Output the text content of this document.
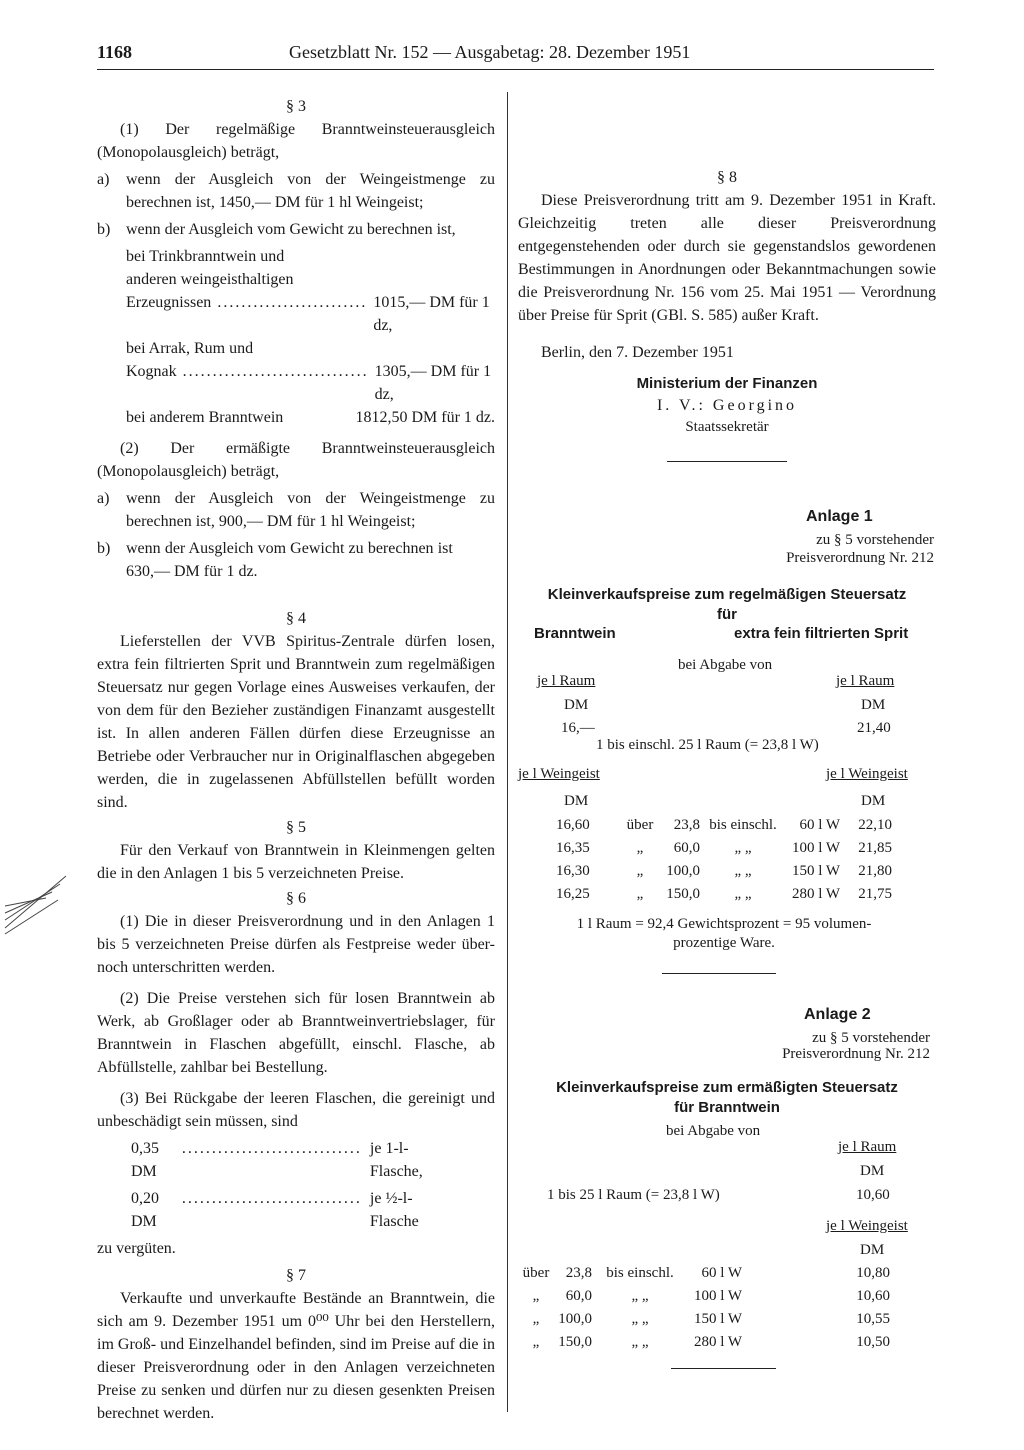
1168	Gesetzblatt Nr. 152 — Ausgabetag: 28. Dezember 1951

§ 3

(1) Der regelmäßige Branntweinsteuerausgleich (Monopolausgleich) beträgt,

a)	wenn der Ausgleich von der Weingeistmenge zu berechnen ist, 1450,— DM für 1 hl Weingeist;
b) wenn der Ausgleich vom Gewicht zu berechnen ist,
bei Trinkbranntwein und
anderen weingeisthaltigen
Erzeugnissen ......................... 1015,— DM für 1 dz,
bei Arrak, Rum und
Kognak ............................... 1305,— DM für 1 dz,
bei anderem Branntwein	1812,50 DM für 1 dz.

(2) Der ermäßigte Branntweinsteuerausgleich (Monopolausgleich) beträgt,

a)	wenn der Ausgleich von der Weingeistmenge zu berechnen ist, 900,— DM für 1 hl Weingeist;
b) wenn der Ausgleich vom Gewicht zu berechnen ist  630,— DM für 1 dz.

§ 4

Lieferstellen der VVB Spiritus-Zentrale dürfen losen, extra fein filtrierten Sprit und Branntwein zum regelmäßigen Steuersatz nur gegen Vorlage eines Ausweises verkaufen, der von dem für den Bezieher zuständigen Finanzamt ausgestellt ist. In allen anderen Fällen dürfen diese Erzeugnisse an Betriebe oder Verbraucher nur in Originalflaschen abgegeben werden, die in zugelassenen Abfüllstellen befüllt worden sind.

§ 5

Für den Verkauf von Branntwein in Kleinmengen gelten die in den Anlagen 1 bis 5 verzeichneten Preise.

§ 6

(1) Die in dieser Preisverordnung und in den Anlagen 1 bis 5 verzeichneten Preise dürfen als Festpreise weder über- noch unterschritten werden.

(2) Die Preise verstehen sich für losen Branntwein ab Werk, ab Großlager oder ab Branntweinvertriebslager, für Branntwein in Flaschen abgefüllt, einschl. Flasche, ab Abfüllstelle, zahlbar bei Bestellung.

(3) Bei Rückgabe der leeren Flaschen, die gereinigt und unbeschädigt sein müssen, sind

0,35 DM
.............................. je 1-l-Flasche,
0,20 DM
.............................. je ½-l-Flasche

zu vergüten.

§ 7

Verkaufte und unverkaufte Bestände an Branntwein, die sich am 9. Dezember 1951 um 0⁰⁰ Uhr bei den Herstellern, im Groß- und Einzelhandel befinden, sind im Preise auf die in dieser Preisverordnung oder in den Anlagen verzeichneten Preise zu senken und dürfen nur zu diesen gesenkten Preisen berechnet werden.

§ 8

Diese Preisverordnung tritt am 9. Dezember 1951 in Kraft. Gleichzeitig treten alle dieser Preisverordnung entgegenstehenden oder durch sie gegenstandslos gewordenen Bestimmungen in Anordnungen oder Bekanntmachungen sowie die Preisverordnung Nr. 156 vom 25. Mai 1951 — Verordnung über Preise für Sprit (GBl. S. 585) außer Kraft.

Berlin, den 7. Dezember 1951

Ministerium der Finanzen
I. V.: Georgino
Staatssekretär
Anlage 1
zu § 5 vorstehender
Preisverordnung Nr. 212
Kleinverkaufspreise zum regelmäßigen Steuersatz
für
Branntwein	extra fein filtrierten Sprit
bei Abgabe von
je l Raum	je l Raum
DM	DM
16,—	21,40
1 bis einschl. 25 l Raum (= 23,8 l W)
je l Weingeist	je l Weingeist
DM	DM
16,60	über	23,8 bis einschl.	60 l W	22,10
16,35	„	60,0	„ „	100 l W	21,85
16,30	„	100,0	„ „	150 l W	21,80
16,25	„	150,0	„ „	280 l W	21,75
1 l Raum = 92,4 Gewichtsprozent = 95 volumen-
prozentige Ware.
Anlage 2
zu § 5 vorstehender
Preisverordnung Nr. 212
Kleinverkaufspreise zum ermäßigten Steuersatz
für Branntwein
bei Abgabe von
je l Raum
DM
1 bis 25 l Raum (= 23,8 l W)	10,60
je l Weingeist
DM
über	23,8 bis einschl.	60 l W	10,80
„	60,0	„ „	100 l W	10,60
„	100,0	„ „	150 l W	10,55
„	150,0	„ „	280 l W	10,50
